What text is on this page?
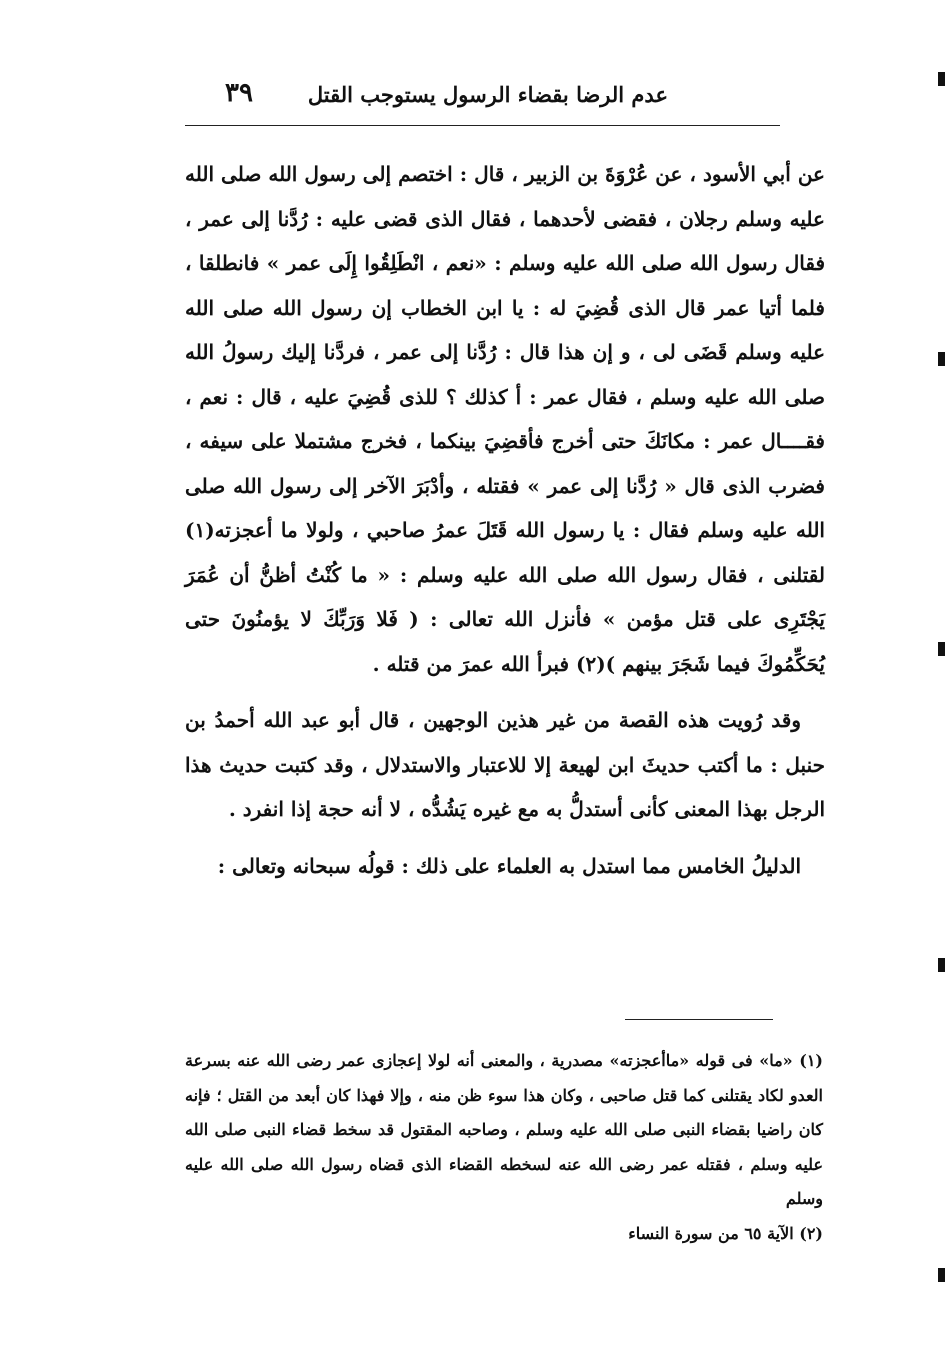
عدم الرضا بقضاء الرسول يستوجب القتل
٣٩

عن أبي الأسود ، عن عُرْوَةَ بن الزبير ، قال : اختصم إلى رسول الله صلى الله عليه وسلم رجلان ، فقضى لأحدهما ، فقال الذى قضى عليه : رُدَّنا إلى عمر ، فقال رسول الله صلى الله عليه وسلم : «نعم ، انْطَلِقُوا إِلَى عمر » فانطلقا ، فلما أتيا عمر قال الذى قُضِيَ له : يا ابن الخطاب إن رسول الله صلى الله عليه وسلم قَضَى لى ، و إن هذا قال : رُدَّنا إلى عمر ، فردَّنا إليك رسولُ الله صلى الله عليه وسلم ، فقال عمر : أ كذلك ؟ للذى قُضِيَ عليه ، قال : نعم ، فقــــال عمر : مكانَكَ حتى أخرج فأقضِيَ بينكما ، فخرج مشتملا على سيفه ، فضرب الذى قال « رُدَّنا إلى عمر » فقتله ، وأدْبَرَ الآخر إلى رسول الله صلى الله عليه وسلم فقال : يا رسول الله قَتَلَ عمرُ صاحبي ، ولولا ما أعجزته(١) لقتلنى ، فقال رسول الله صلى الله عليه وسلم : « ما كُنْتُ أظنُّ أن عُمَرَ يَجْتَرِى على قتل مؤمن » فأنزل الله تعالى : ( فَلا وَرَبِّكَ لا يؤمنُونَ حتى يُحَكِّمُوكَ فيما شَجَرَ بينهم )(٢) فبرأ الله عمرَ من قتله .

وقد رُويت هذه القصة من غير هذين الوجهين ، قال أبو عبد الله أحمدُ بن حنبل : ما أكتب حديثَ ابن لهيعة إلا للاعتبار والاستدلال ، وقد كتبت حديث هذا الرجل بهذا المعنى كأنى أستدلُّ به مع غيره يَشُدُّه ، لا أنه حجة إذا انفرد .

الدليلُ الخامس مما استدل به العلماء على ذلك : قولُه سبحانه وتعالى :

(١) «ما» فى قوله «ماأعجزته» مصدرية ، والمعنى أنه لولا إعجازى عمر رضى الله عنه بسرعة العدو لكاد يقتلنى كما قتل صاحبى ، وكان هذا سوء ظن منه ، وإلا فهذا كان أبعد من القتل ؛ فإنه كان راضيا بقضاء النبى صلى الله عليه وسلم ، وصاحبه المقتول قد سخط قضاء النبى صلى الله عليه وسلم ، فقتله عمر رضى الله عنه لسخطه القضاء الذى قضاه رسول الله صلى الله عليه وسلم

(٢) الآية ٦٥ من سورة النساء
